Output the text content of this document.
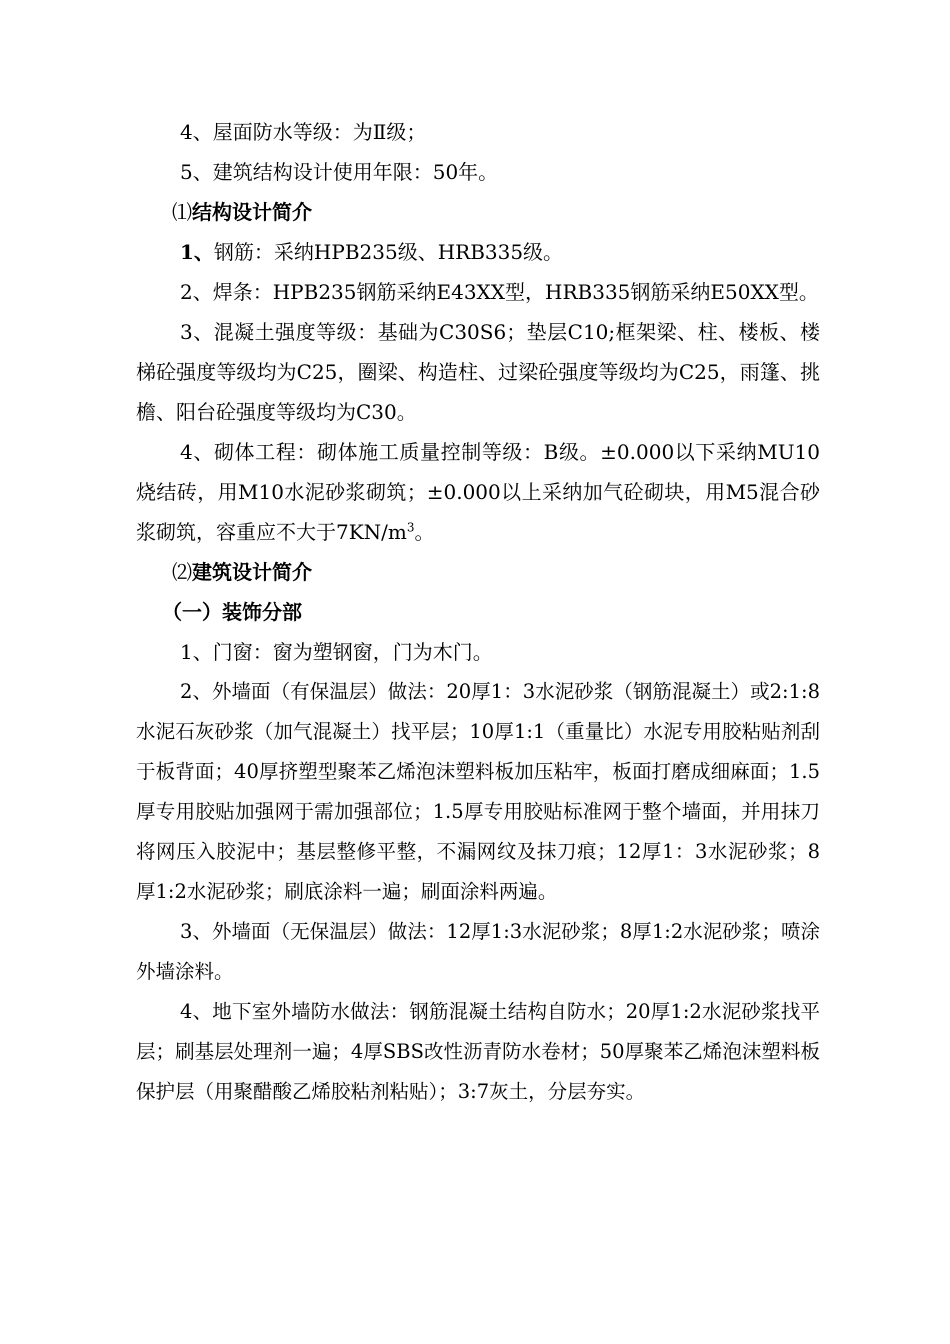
4、屋面防水等级：为Ⅱ级；

5、建筑结构设计使用年限：50年。

⑴结构设计简介

1、钢筋：采纳HPB235级、HRB335级。

2、焊条：HPB235钢筋采纳E43XX型，HRB335钢筋采纳E50XX型。

3、混凝土强度等级：基础为C30S6；垫层C10;框架梁、柱、楼板、楼梯砼强度等级均为C25，圈梁、构造柱、过梁砼强度等级均为C25，雨篷、挑檐、阳台砼强度等级均为C30。

4、砌体工程：砌体施工质量控制等级：B级。±0.000以下采纳MU10烧结砖，用M10水泥砂浆砌筑；±0.000以上采纳加气砼砌块，用M5混合砂浆砌筑，容重应不大于$7KN/m^3$。

⑵建筑设计简介

（一）装饰分部

1、门窗：窗为塑钢窗，门为木门。

2、外墙面（有保温层）做法：20厚1：3水泥砂浆（钢筋混凝土）或2:1:8水泥石灰砂浆（加气混凝土）找平层；10厚1:1（重量比）水泥专用胶粘贴剂刮于板背面；40厚挤塑型聚苯乙烯泡沫塑料板加压粘牢，板面打磨成细麻面；1.5厚专用胶贴加强网于需加强部位；1.5厚专用胶贴标准网于整个墙面，并用抹刀将网压入胶泥中；基层整修平整，不漏网纹及抹刀痕；12厚1：3水泥砂浆；8厚1:2水泥砂浆；刷底涂料一遍；刷面涂料两遍。

3、外墙面（无保温层）做法：12厚1:3水泥砂浆；8厚1:2水泥砂浆；喷涂外墙涂料。

4、地下室外墙防水做法：钢筋混凝土结构自防水；20厚1:2水泥砂浆找平层；刷基层处理剂一遍；4厚SBS改性沥青防水卷材；50厚聚苯乙烯泡沫塑料板保护层（用聚醋酸乙烯胶粘剂粘贴）；3:7灰土，分层夯实。
